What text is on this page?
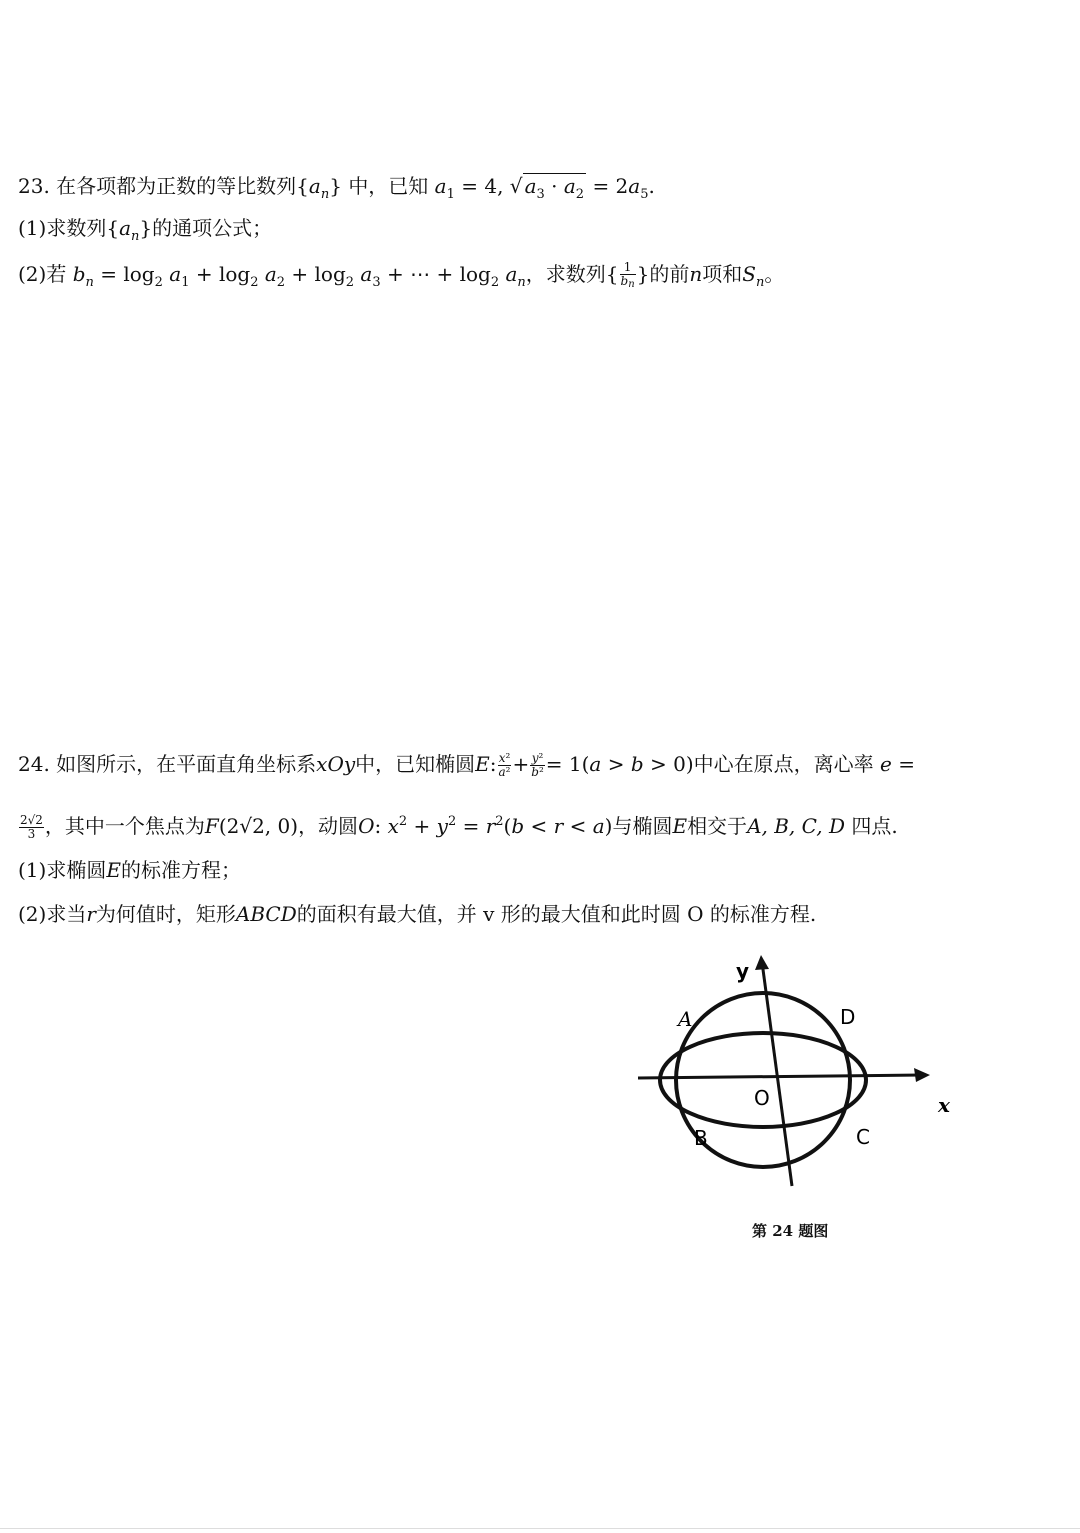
23. 在各项都为正数的等比数列$\{a_n\}$ 中，已知 $a_1 = 4$, √ $a_3 \cdot a_2 = 2a_5$.
(1)求数列$\{a_n\}$的通项公式；
(2)若 $b_n = \log_2 a_1 + \log_2 a_2 + \log_2 a_3$ + ⋯ + $\log_2 a_n$，求数列{ $\frac{1}{b_n}$ }的前n项和$S_n$。
24. 如图所示，在平面直角坐标系xOy中，已知椭圆E: $\frac{\text{x²}}{\text{a²}} + \frac{\text{y²}}{\text{b²}} = 1(a > b > 0)$中心在原点，离心率 e =
$\frac{2√2}{3}$ ，其中一个焦点为F(2√2, 0)，动圆O: $x^2 + y^2 = r^2(b < r < a)$与椭圆E相交于A, B, C, D 四点.
(1)求椭圆E的标准方程；
(2)求当r为何值时，矩形ABCD的面积有最大值，并 v 形的最大值和此时圆 O 的标准方程.
x
y
O
A
B	C
D
第 24 题图
